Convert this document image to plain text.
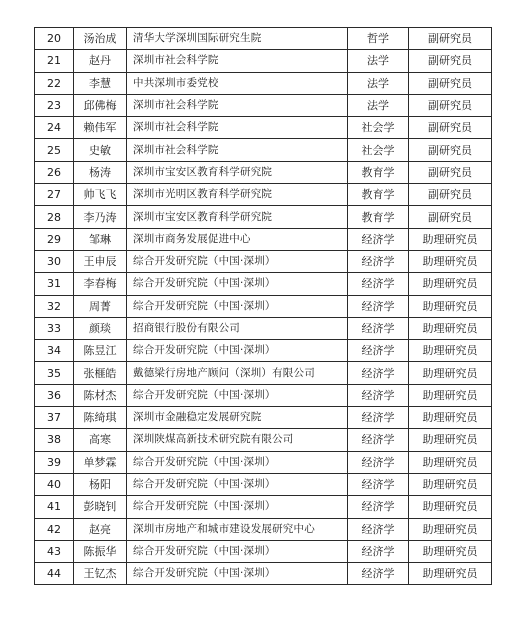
20	汤治成	清华大学深圳国际研究生院	哲学	副研究员
21	赵丹	深圳市社会科学院	法学	副研究员
22	李慧	中共深圳市委党校	法学	副研究员
23	邱佛梅	深圳市社会科学院	法学	副研究员
24	赖伟军	深圳市社会科学院	社会学	副研究员
25	史敏	深圳市社会科学院	社会学	副研究员
26	杨涛	深圳市宝安区教育科学研究院	教育学	副研究员
27	帅飞飞	深圳市光明区教育科学研究院	教育学	副研究员
28	李乃涛	深圳市宝安区教育科学研究院	教育学	副研究员
29	邹琳	深圳市商务发展促进中心	经济学	助理研究员
30	王申辰	综合开发研究院（中国·深圳）	经济学	助理研究员
31	李春梅	综合开发研究院（中国·深圳）	经济学	助理研究员
32	周菁	综合开发研究院（中国·深圳）	经济学	助理研究员
33	颜琰	招商银行股份有限公司	经济学	助理研究员
34	陈昱江	综合开发研究院（中国·深圳）	经济学	助理研究员
35	张榧皓	戴德梁行房地产顾问（深圳）有限公司	经济学	助理研究员
36	陈材杰	综合开发研究院（中国·深圳）	经济学	助理研究员
37	陈绮琪	深圳市金融稳定发展研究院	经济学	助理研究员
38	高寒	深圳陕煤高新技术研究院有限公司	经济学	助理研究员
39	单梦霖	综合开发研究院（中国·深圳）	经济学	助理研究员
40	杨阳	综合开发研究院（中国·深圳）	经济学	助理研究员
41	彭晓钊	综合开发研究院（中国·深圳）	经济学	助理研究员
42	赵亮	深圳市房地产和城市建设发展研究中心	经济学	助理研究员
43	陈振华	综合开发研究院（中国·深圳）	经济学	助理研究员
44	王钇杰	综合开发研究院（中国·深圳）	经济学	助理研究员
